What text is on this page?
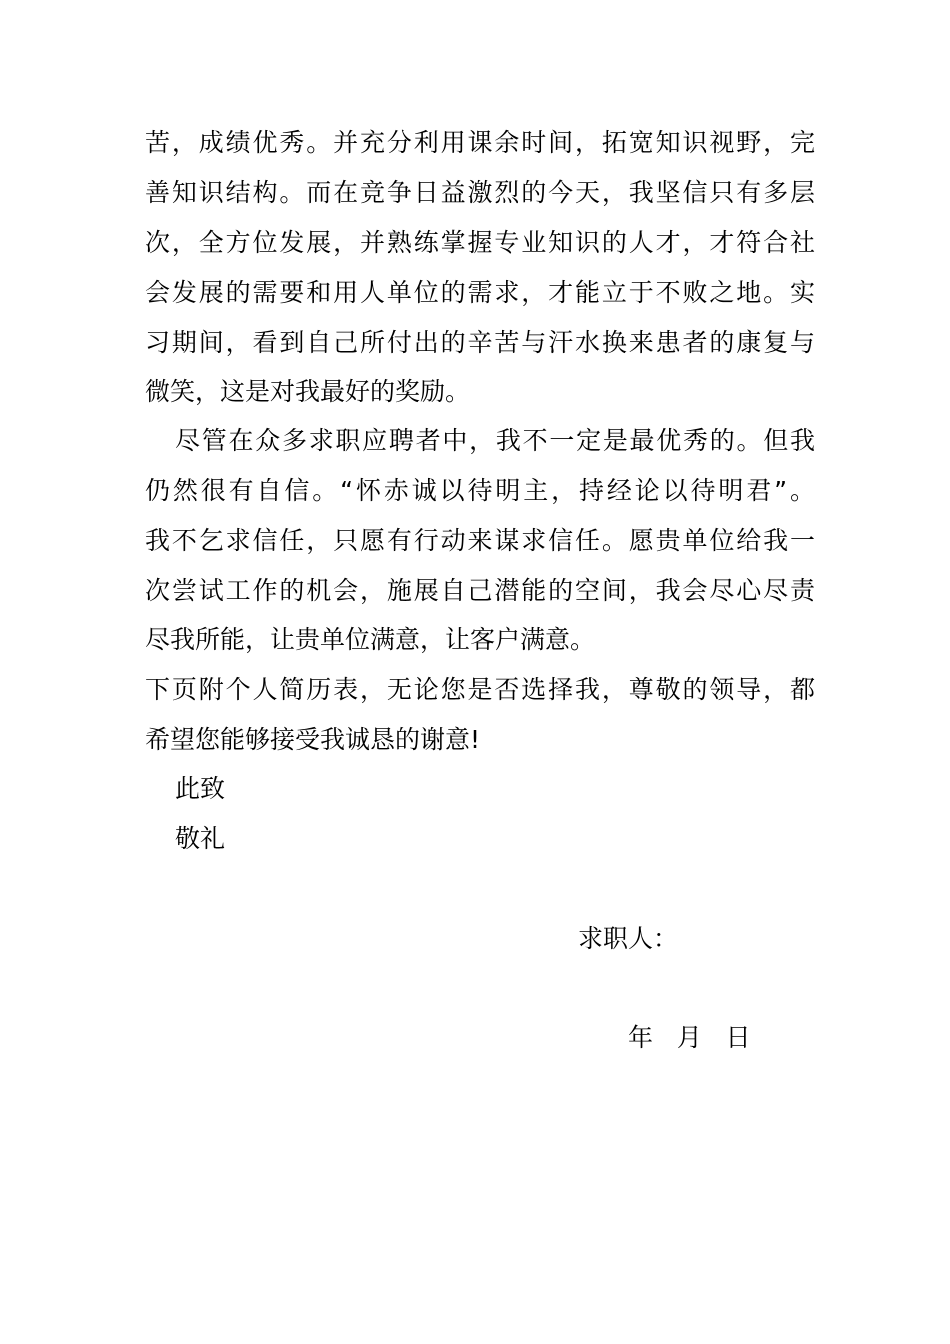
苦，成绩优秀。并充分利用课余时间，拓宽知识视野，完
善知识结构。而在竞争日益激烈的今天，我坚信只有多层
次，全方位发展，并熟练掌握专业知识的人才，才符合社
会发展的需要和用人单位的需求，才能立于不败之地。实
习期间，看到自己所付出的辛苦与汗水换来患者的康复与
微笑，这是对我最好的奖励。
尽管在众多求职应聘者中，我不一定是最优秀的。但我
仍然很有自信。“怀赤诚以待明主，持经论以待明君”。
我不乞求信任，只愿有行动来谋求信任。愿贵单位给我一
次尝试工作的机会，施展自己潜能的空间，我会尽心尽责
尽我所能，让贵单位满意，让客户满意。
下页附个人简历表，无论您是否选择我，尊敬的领导，都
希望您能够接受我诚恳的谢意!
此致
敬礼
求职人：
年   月   日
